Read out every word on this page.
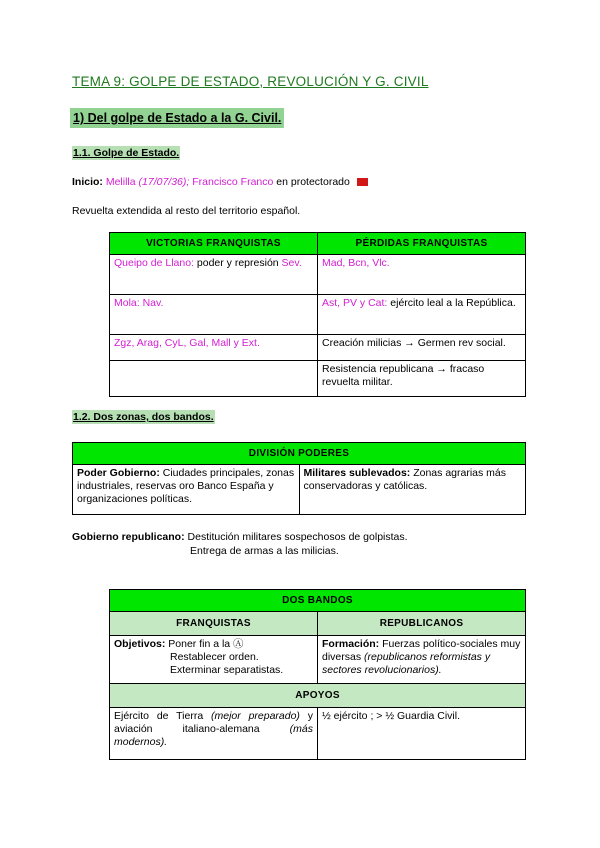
TEMA 9: GOLPE DE ESTADO, REVOLUCIÓN Y G. CIVIL
1) Del golpe de Estado a la G. Civil.
1.1. Golpe de Estado.
Inicio: Melilla (17/07/36); Francisco Franco en protectorado
Revuelta extendida al resto del territorio español.
VICTORIAS FRANQUISTAS	PÉRDIDAS FRANQUISTAS
Queipo de Llano: poder y represión Sev.	Mad, Bcn, Vlc.
Mola: Nav.	Ast, PV y Cat: ejército leal a la República.
Zgz, Arag, CyL, Gal, Mall y Ext.	Creación milicias → Germen rev social.
	Resistencia republicana → fracaso revuelta militar.
1.2. Dos zonas, dos bandos.
DIVISIÓN PODERES
Poder Gobierno: Ciudades principales, zonas industriales, reservas oro Banco España y organizaciones políticas.	Militares sublevados: Zonas agrarias más conservadoras y católicas.
Gobierno republicano: Destitución militares sospechosos de golpistas.
Entrega de armas a las milicias.
DOS BANDOS	
FRANQUISTAS	REPUBLICANOS

Objetivos: Poner fin a la Ⓐ
Restablecer orden.
Exterminar separatistas.	Formación: Fuerzas político-sociales muy diversas (republicanos reformistas y sectores revolucionarios).
APOYOS	
Ejército de Tierra (mejor preparado) y aviación italiano-alemana (más modernos).	½ ejército ; > ½ Guardia Civil.
